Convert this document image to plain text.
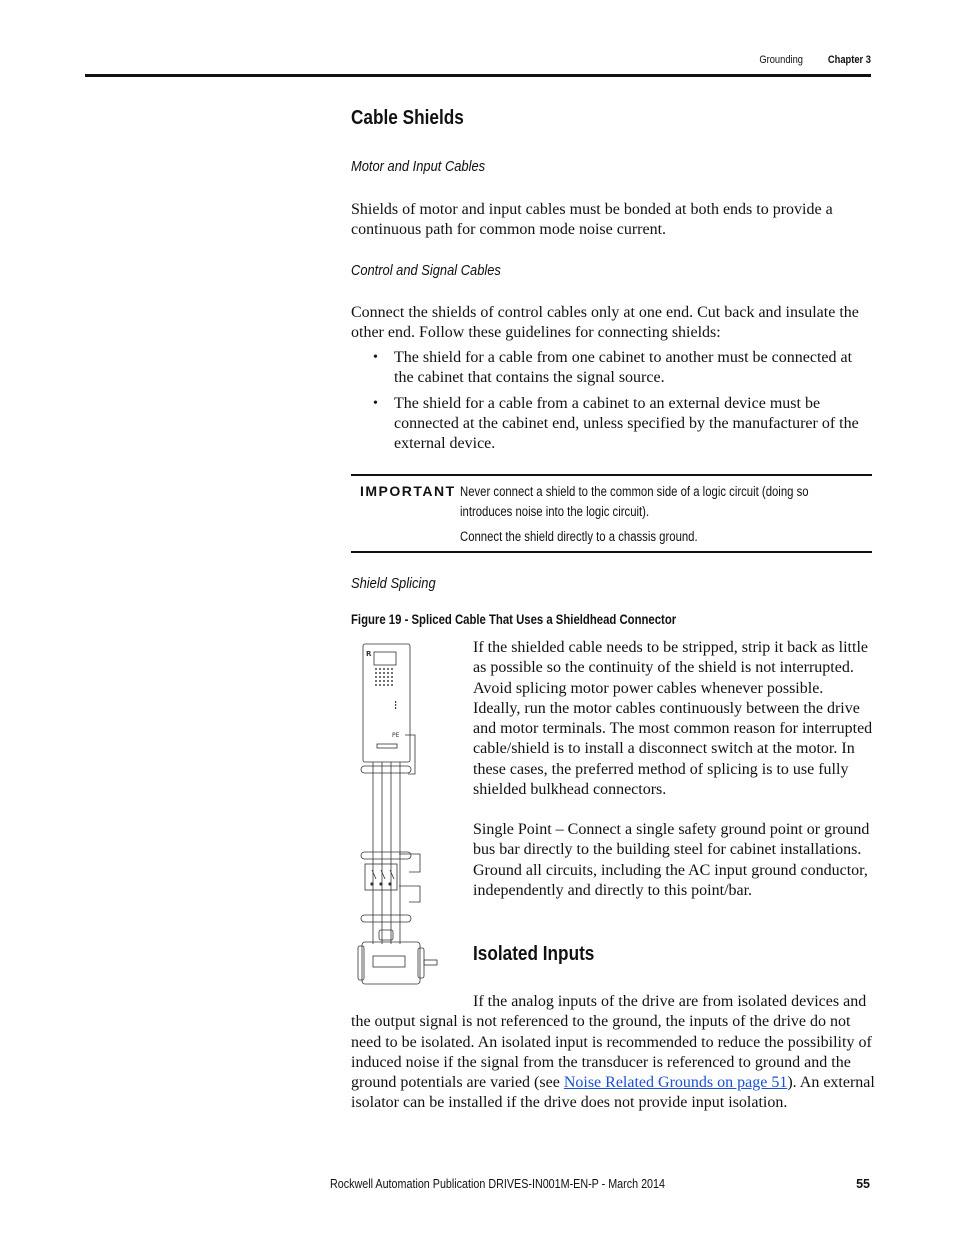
Grounding	Chapter 3
Cable Shields
Motor and Input Cables
Shields of motor and input cables must be bonded at both ends to provide a continuous path for common mode noise current.
Control and Signal Cables
Connect the shields of control cables only at one end. Cut back and insulate the other end. Follow these guidelines for connecting shields:
• The shield for a cable from one cabinet to another must be connected at the cabinet that contains the signal source.
• The shield for a cable from a cabinet to an external device must be connected at the cabinet end, unless specified by the manufacturer of the external device.
IMPORTANT Never connect a shield to the common side of a logic circuit (doing so
introduces noise into the logic circuit).
Connect the shield directly to a chassis ground.
Shield Splicing
Figure 19 - Spliced Cable That Uses a Shieldhead Connector
R
PE
If the shielded cable needs to be stripped, strip it back as little as possible so the continuity of the shield is not interrupted. Avoid splicing motor power cables whenever possible. Ideally, run the motor cables continuously between the drive and motor terminals. The most common reason for interrupted cable/shield is to install a disconnect switch at the motor. In these cases, the preferred method of splicing is to use fully shielded bulkhead connectors.
Single Point – Connect a single safety ground point or ground bus bar directly to the building steel for cabinet installations. Ground all circuits, including the AC input ground conductor, independently and directly to this point/bar.
Isolated Inputs
If the analog inputs of the drive are from isolated devices and the output signal is not referenced to the ground, the inputs of the drive do not need to be isolated. An isolated input is recommended to reduce the possibility of induced noise if the signal from the transducer is referenced to ground and the ground potentials are varied (see Noise Related Grounds on page 51). An external isolator can be installed if the drive does not provide input isolation.
Rockwell Automation Publication DRIVES-IN001M-EN-P - March 2014	55
